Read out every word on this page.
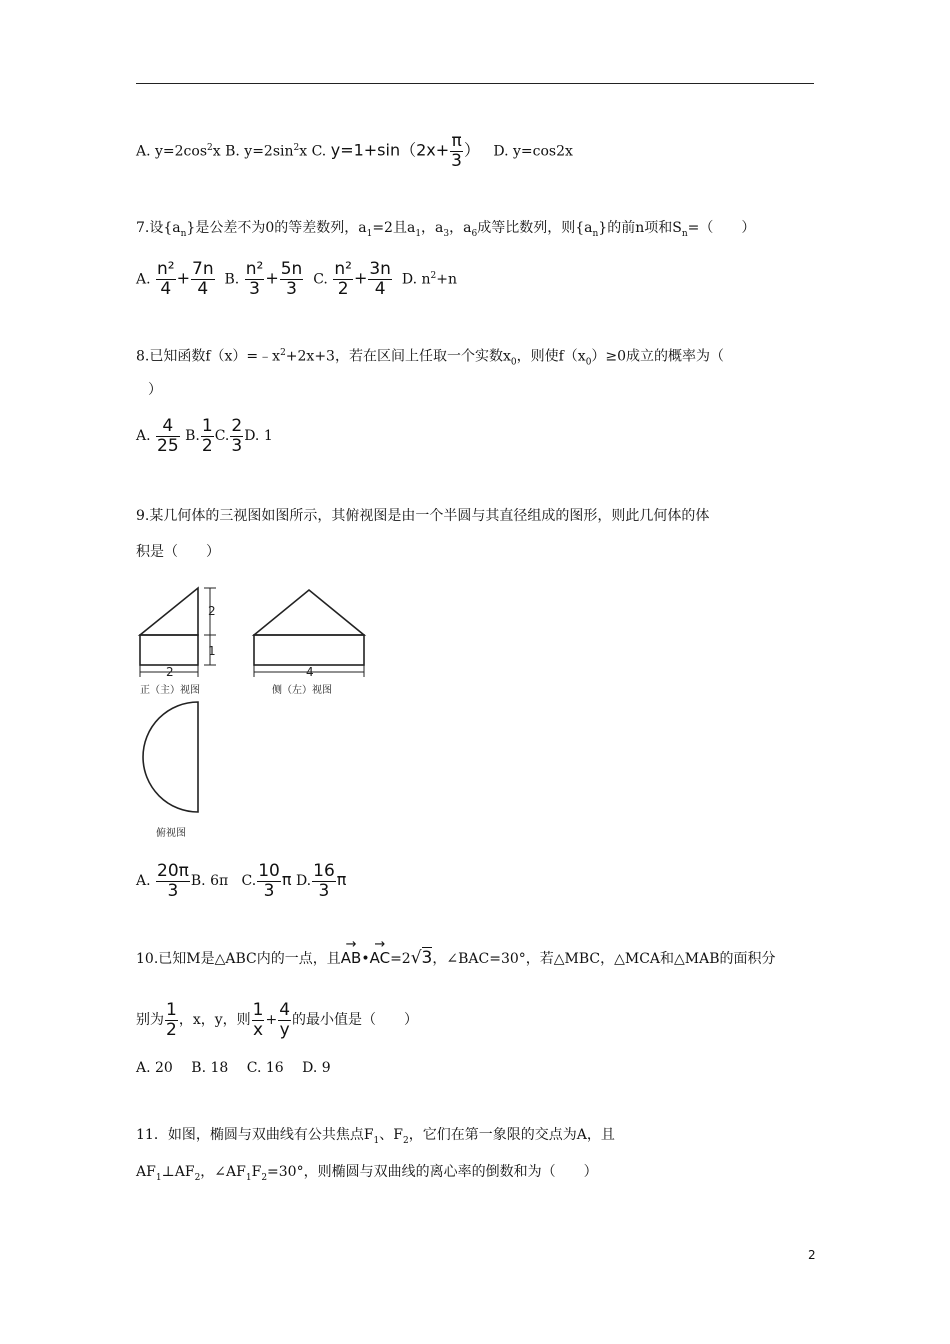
A. $y=2\cos^2x$ B. $y=2\sin^2x$ C. $y=1+\sin(2x+ \frac{\pi}{3}$ ） D. y=cos2x
7.设$\{a_n\}$是公差不为0的等差数列，$a_1=2$且$a_1$，$a_3$，$a_6$成等比数列，则$\{a_n\}$的前n项和$S_n=$（　　）
A. $\frac{\text{n²}}{4} + \frac{7n}{4} B$. $\frac{\text{n²}}{3} + \frac{5n}{3} C$. $\frac{\text{n²}}{2} + \frac{3n}{4} D$. $n^2+n$
8.已知函数$f(x)=﹣x^2+2x+3$，若在区间上任取一个实数$x_0$，则使$f(x_0)\ge 0$成立的概率为（
）
A. $\frac{4}{25} B$. $\frac{1}{2} C$. $\frac{2}{3} D$. 1
9.某几何体的三视图如图所示，其俯视图是由一个半圆与其直径组成的图形，则此几何体的体
积是（　　）
2
1
2
正（主）视图
4
侧（左）视图
俯视图
A. $\frac{20\pi}{3} B$. 6π C. $\frac{10}{3}$ π D. $\frac{16}{3}$ π
10.已知M是△ABC内的一点，且→ AB•→ AC=2√3，∠BAC=30°，若△MBC，△MCA和△MAB的面积分
别为 $\frac{1}{2}$ ，x，y，则 $\frac{1}{x} + \frac{4}{y}$ 的最小值是（　　）
A. 20　 B. 18　 C. 16　 D. 9
11．如图，椭圆与双曲线有公共焦点$F_1$、$F_2$，它们在第一象限的交点为A，且
$AF_1\perp AF_2$，$\angle AF_1F_2=30^\circ$，则椭圆与双曲线的离心率的倒数和为（　　）
2
